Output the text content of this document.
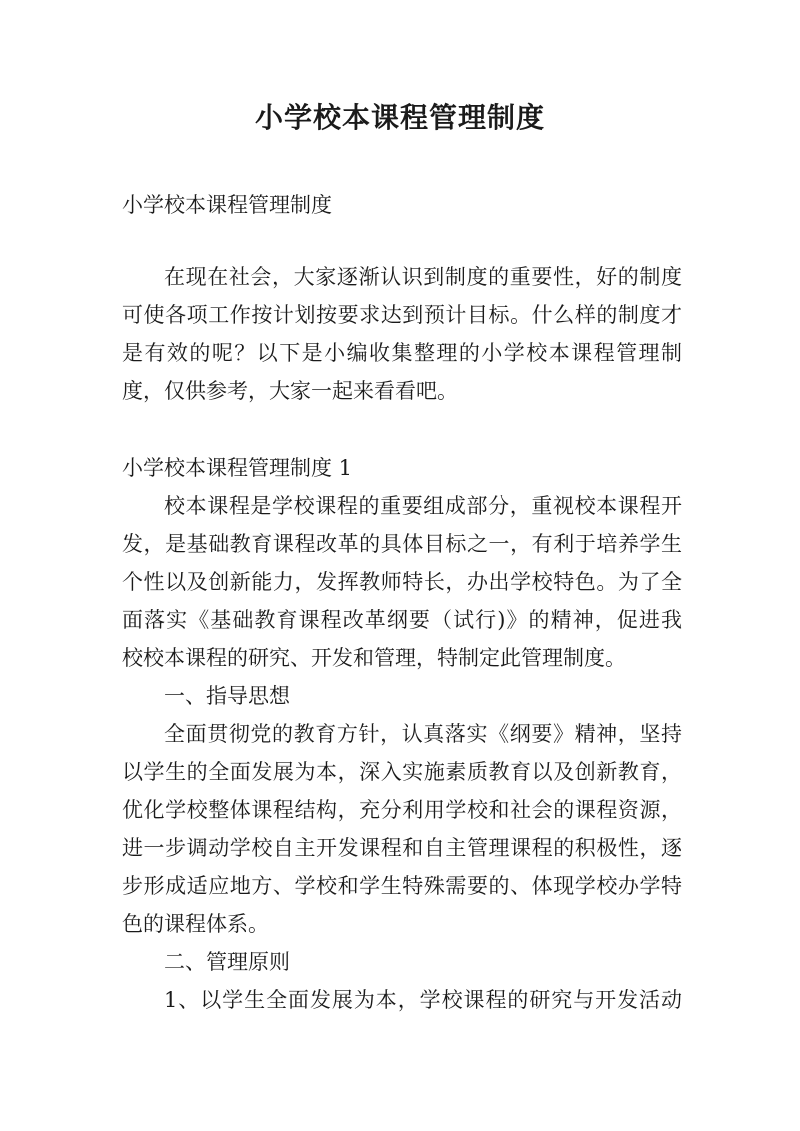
小学校本课程管理制度
小学校本课程管理制度
在现在社会，大家逐渐认识到制度的重要性，好的制度
可使各项工作按计划按要求达到预计目标。什么样的制度才
是有效的呢？以下是小编收集整理的小学校本课程管理制
度，仅供参考，大家一起来看看吧。
小学校本课程管理制度 1
校本课程是学校课程的重要组成部分，重视校本课程开
发，是基础教育课程改革的具体目标之一，有利于培养学生
个性以及创新能力，发挥教师特长，办出学校特色。为了全
面落实《基础教育课程改革纲要（试行)》的精神，促进我
校校本课程的研究、开发和管理，特制定此管理制度。
一、指导思想
全面贯彻党的教育方针，认真落实《纲要》精神，坚持
以学生的全面发展为本，深入实施素质教育以及创新教育，
优化学校整体课程结构，充分利用学校和社会的课程资源，
进一步调动学校自主开发课程和自主管理课程的积极性，逐
步形成适应地方、学校和学生特殊需要的、体现学校办学特
色的课程体系。
二、管理原则
1、以学生全面发展为本，学校课程的研究与开发活动
